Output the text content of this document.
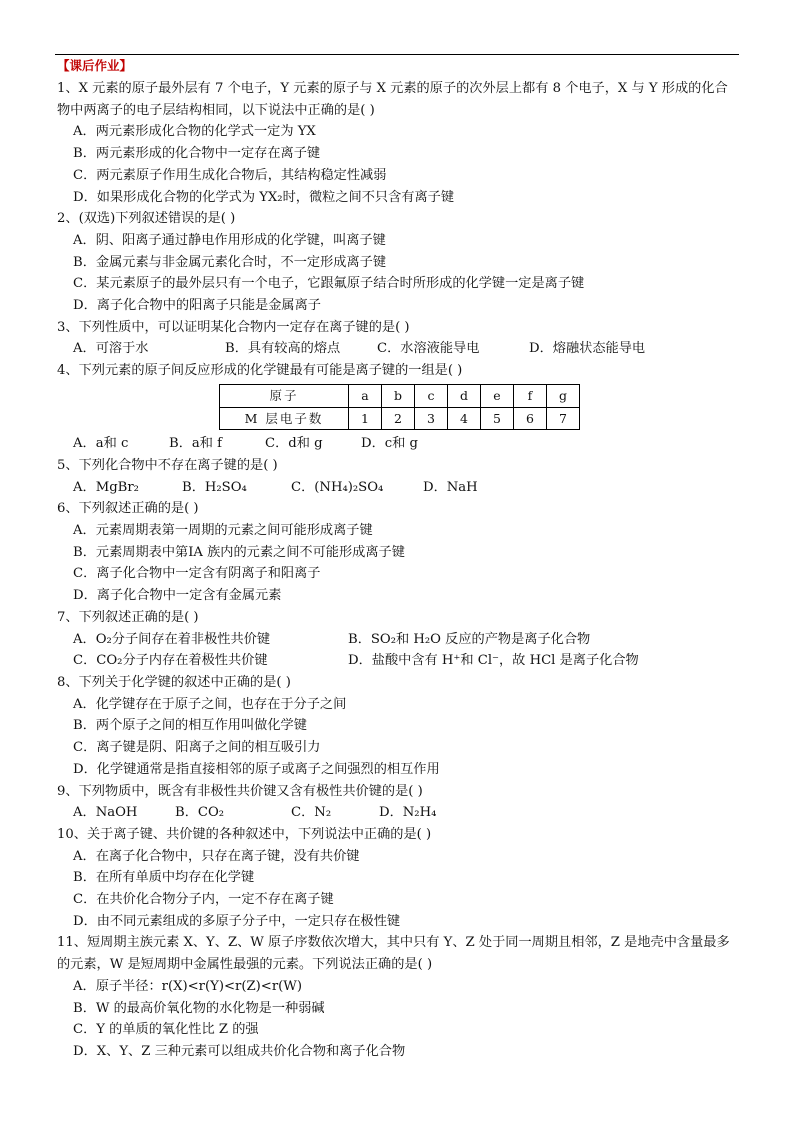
【课后作业】

1、X 元素的原子最外层有 7 个电子，Y 元素的原子与 X 元素的原子的次外层上都有 8 个电子，X 与 Y 形成的化合物中两离子的电子层结构相同，以下说法中正确的是( )

A．两元素形成化合物的化学式一定为 YX

B．两元素形成的化合物中一定存在离子键

C．两元素原子作用生成化合物后，其结构稳定性减弱

D．如果形成化合物的化学式为 YX₂时，微粒之间不只含有离子键

2、(双选)下列叙述错误的是( )

A．阴、阳离子通过静电作用形成的化学键，叫离子键

B．金属元素与非金属元素化合时，不一定形成离子键

C．某元素原子的最外层只有一个电子，它跟氟原子结合时所形成的化学键一定是离子键

D．离子化合物中的阳离子只能是金属离子

3、下列性质中，可以证明某化合物内一定存在离子键的是( )

A．可溶于水	B．具有较高的熔点	C．水溶液能导电	D．熔融状态能导电

4、下列元素的原子间反应形成的化学键最有可能是离子键的一组是( )

原子	a	b	c	d	e	f	g
M 层电子数	1	2	3	4	5	6	7
A．a和 c	B．a和 f	C．d和 g	D．c和 g

5、下列化合物中不存在离子键的是( )

A．MgBr₂	B．H₂SO₄	C．(NH₄)₂SO₄	D．NaH

6、下列叙述正确的是( )

A．元素周期表第一周期的元素之间可能形成离子键

B．元素周期表中第ⅠA 族内的元素之间不可能形成离子键

C．离子化合物中一定含有阴离子和阳离子

D．离子化合物中一定含有金属元素

7、下列叙述正确的是( )

A．O₂分子间存在着非极性共价键	B．SO₂和 H₂O 反应的产物是离子化合物
C．CO₂分子内存在着极性共价键	D．盐酸中含有 H⁺和 Cl⁻，故 HCl 是离子化合物

8、下列关于化学键的叙述中正确的是( )

A．化学键存在于原子之间，也存在于分子之间

B．两个原子之间的相互作用叫做化学键

C．离子键是阴、阳离子之间的相互吸引力

D．化学键通常是指直接相邻的原子或离子之间强烈的相互作用

9、下列物质中，既含有非极性共价键又含有极性共价键的是( )

A．NaOH	B．CO₂	C．N₂	D．N₂H₄

10、关于离子键、共价键的各种叙述中，下列说法中正确的是( )

A．在离子化合物中，只存在离子键，没有共价键

B．在所有单质中均存在化学键

C．在共价化合物分子内，一定不存在离子键

D．由不同元素组成的多原子分子中，一定只存在极性键

11、短周期主族元素 X、Y、Z、W 原子序数依次增大，其中只有 Y、Z 处于同一周期且相邻，Z 是地壳中含量最多的元素，W 是短周期中金属性最强的元素。下列说法正确的是( )

A．原子半径：r(X)<r(Y)<r(Z)<r(W)

B．W 的最高价氧化物的水化物是一种弱碱

C．Y 的单质的氧化性比 Z 的强

D．X、Y、Z 三种元素可以组成共价化合物和离子化合物
